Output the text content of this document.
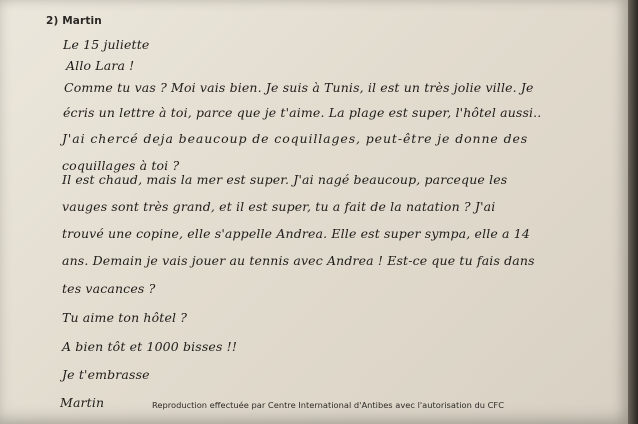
2) Martin
Le 15 juliette
Allo Lara !
Comme tu vas ? Moi vais bien. Je suis à Tunis, il est un très jolie ville. Je
écris un lettre à toi, parce que je t'aime. La plage est super, l'hôtel aussi..
J'ai chercé deja beaucoup de coquillages, peut-être je donne des
coquillages à toi ?
Il est chaud, mais la mer est super. J'ai nagé beaucoup, parceque les
vauges sont très grand, et il est super, tu a fait de la natation ? J'ai
trouvé une copine, elle s'appelle Andrea. Elle est super sympa, elle a 14
ans. Demain je vais jouer au tennis avec Andrea ! Est-ce que tu fais dans
tes vacances ?
Tu aime ton hôtel ?
A bien tôt et 1000 bisses !!
Je t'embrasse
Martin	Reproduction effectuée par Centre International d'Antibes avec l'autorisation du CFC
